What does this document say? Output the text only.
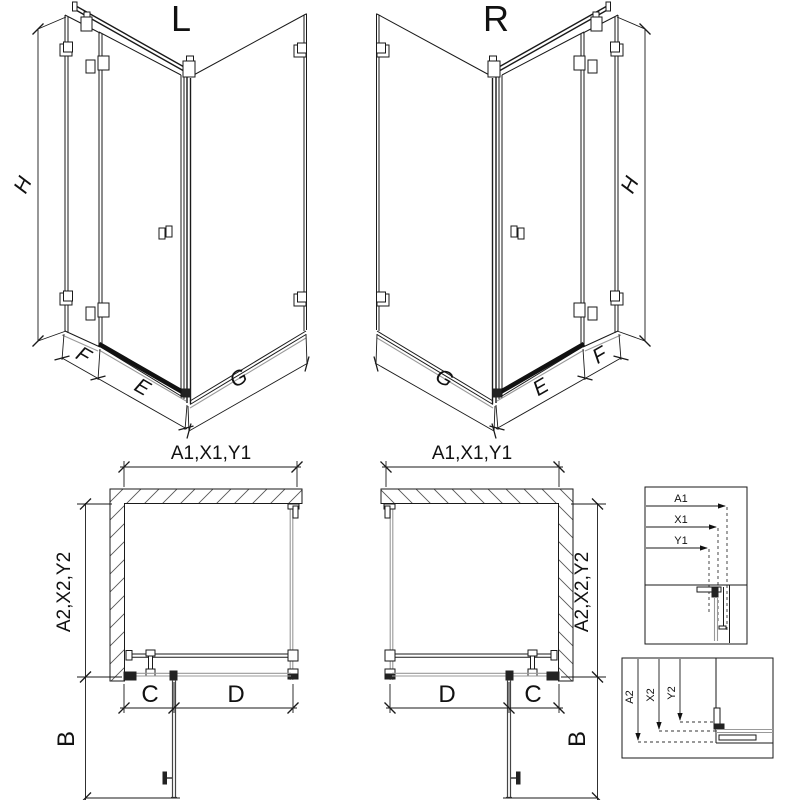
A1
X1
Y1
A2 X2 Y2
L
H
F
E	G
R
H
F
E
G
A1,X1,Y1
A2,X2,Y2
C	D
B
A1,X1,Y1
A2,X2,Y2
D	C
B
